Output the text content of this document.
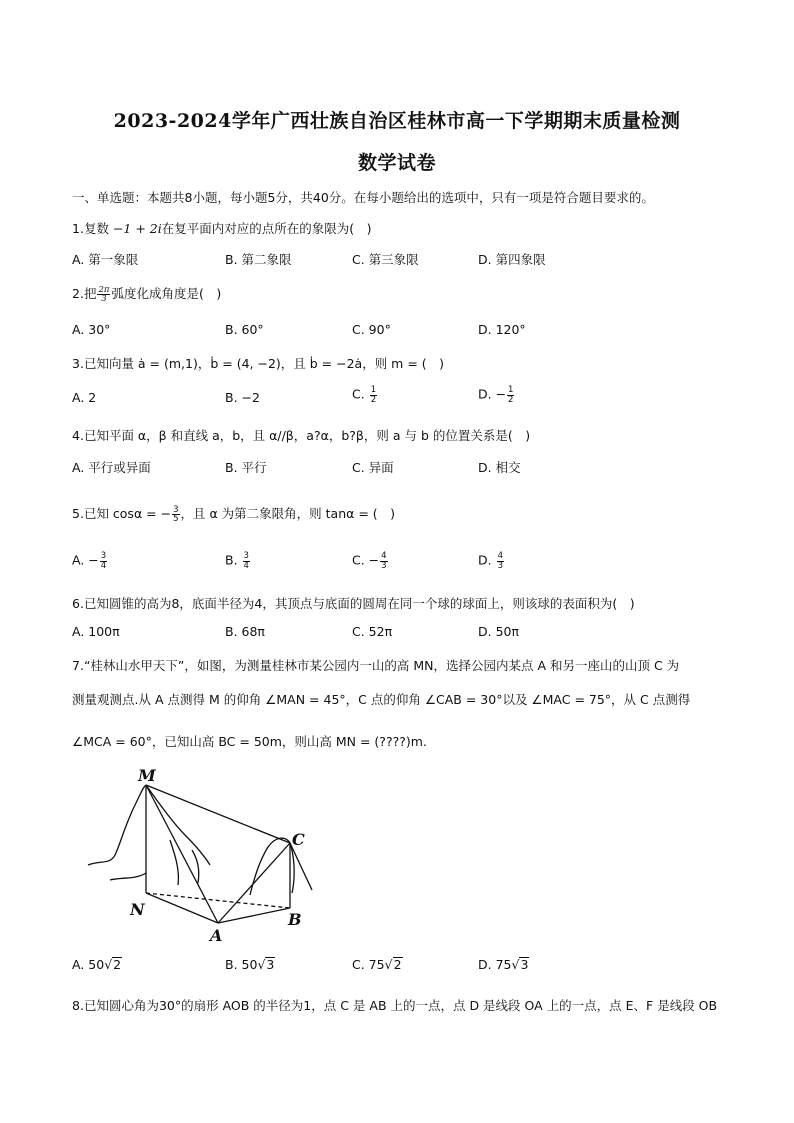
2023-2024学年广西壮族自治区桂林市高一下学期期末质量检测
数学试卷
一、单选题：本题共8小题，每小题5分，共40分。在每小题给出的选项中，只有一项是符合题目要求的。
1.复数 −1 + 2i在复平面内对应的点所在的象限为(　)
A. 第一象限	B. 第二象限	C. 第三象限	D. 第四象限
2.把 $\frac{2\pi}{3}$ 弧度化成角度是(　)
A. 30°	B. 60°	C. 90°	D. 120°
3.已知向量 ȧ = (m,1)，ḃ = (4, −2)，且 ḃ = −2ȧ，则 m = (　)
A. 2	B. −2	C. $\frac{1}{2}$	D. − $\frac{1}{2}$
4.已知平面 α，β 和直线 a，b，且 α//β，a?α，b?β，则 a 与 b 的位置关系是(　)
A. 平行或异面	B. 平行	C. 异面	D. 相交
5.已知 cosα = − $\frac{3}{5}$ ，且 α 为第二象限角，则 tanα = (　)
A. − $\frac{3}{4}$	B. $\frac{3}{4}$	C. − $\frac{4}{3}$	D. $\frac{4}{3}$
6.已知圆锥的高为8，底面半径为4，其顶点与底面的圆周在同一个球的球面上，则该球的表面积为(　)
A. 100π	B. 68π	C. 52π	D. 50π
7.“桂林山水甲天下”，如图，为测量桂林市某公园内一山的高 MN，选择公园内某点 A 和另一座山的山顶 C 为
测量观测点.从 A 点测得 M 的仰角 ∠MAN = 45°，C 点的仰角 ∠CAB = 30°以及 ∠MAC = 75°，从 C 点测得
∠MCA = 60°，已知山高 BC = 50m，则山高 MN = (????)m.
M
C
N
A
B
A. 50√2	B. 50√3	C. 75√2	D. 75√3
8.已知圆心角为30°的扇形 AOB 的半径为1，点 C 是 AB 上的一点，点 D 是线段 OA 上的一点，点 E、F 是线段 OB
